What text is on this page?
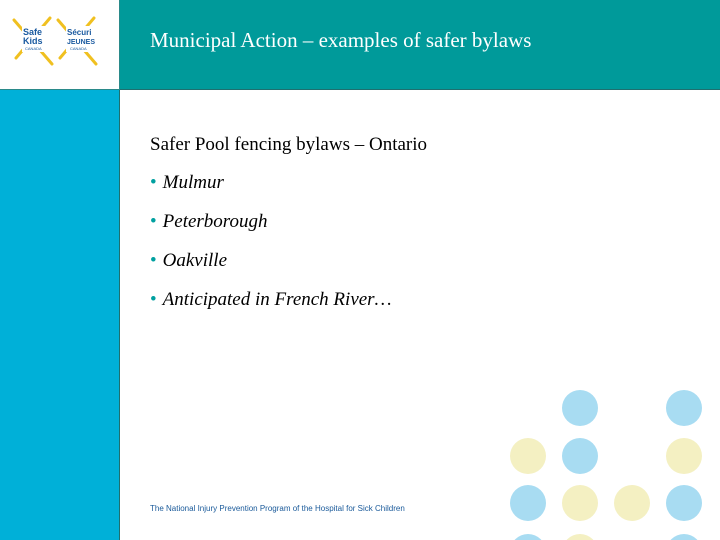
Safe
Kids
CANADA
Sécuri
JEUNES
CANADA	Municipal Action – examples of safer bylaws
Safer Pool fencing bylaws – Ontario
• Mulmur
• Peterborough
• Oakville
• Anticipated in French River…
The National Injury Prevention Program of the Hospital for Sick Children
